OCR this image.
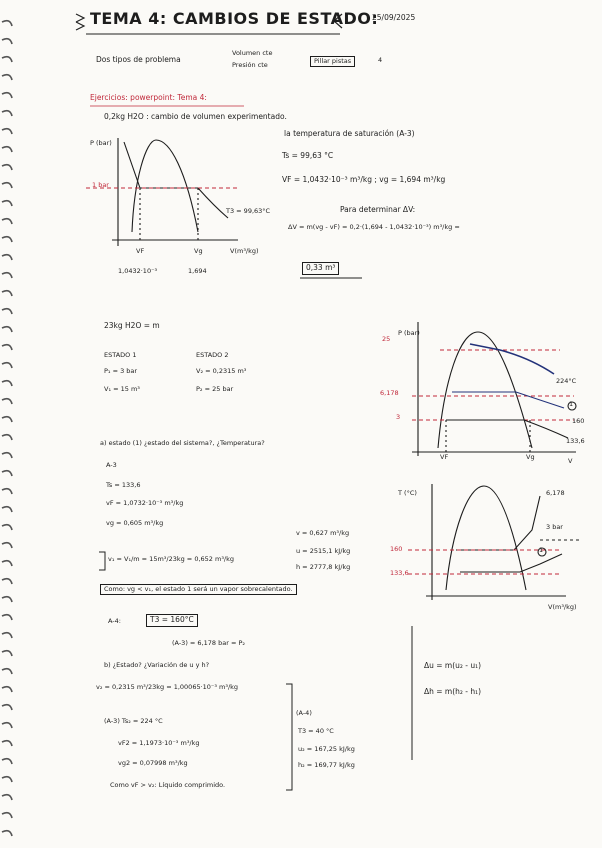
TEMA 4: CAMBIOS DE ESTADO:
25/09/2025
Dos tipos de problema
Volumen cte
Presión cte	Pillar pistas	4
Ejercicios: powerpoint: Tema 4:
0,2kg H2O : cambio de volumen experimentado.
la temperatura de saturación (A-3)
Ts = 99,63 °C
VF = 1,0432·10⁻³ m³/kg ; vg = 1,694 m³/kg
Para determinar ΔV:
ΔV = m(vg - vF) = 0,2·(1,694 - 1,0432·10⁻³) m³/kg =
0,33 m³
P (bar)
1 bar
T3 = 99,63°C
V(m³/kg)
VF
1,0432·10⁻³
Vg
1,694
23kg H2O = m
ESTADO 1
P₁ = 3 bar
V₁ = 15 m³
ESTADO 2
V₂ = 0,2315 m³
P₂ = 25 bar
a) estado (1) ¿estado del sistema?, ¿Temperatura?
A-3
Ts = 133,6
vF = 1,0732·10⁻³ m³/kg
vg = 0,605 m³/kg
v₁ = V₁/m = 15m³/23kg = 0,652 m³/kg
v = 0,627 m³/kg
u = 2515,1 kJ/kg
h = 2777,8 kJ/kg
Como: vg < v₁, el estado 1 será un vapor sobrecalentado.
A-4:	T3 = 160°C
(A-3) = 6,178 bar = P₂
b) ¿Estado? ¿Variación de u y h?
v₂ = 0,2315 m³/23kg = 1,00065·10⁻³ m³/kg
(A-3) Ts₂ = 224 °C
vF2 = 1,1973·10⁻³ m³/kg
vg2 = 0,07998 m³/kg
Como vF > v₂: Líquido comprimido.
(A-4)
T3 = 40 °C
u₂ = 167,25 kJ/kg
h₂ = 169,77 kJ/kg
Δu = m(u₂ - u₁)
Δh = m(h₂ - h₁)
P (bar)
25
6,178
3
224°C
160
133,6
VF	Vg	V
1
T (°C)	6,178
3 bar
160
133,6
V(m³/kg)
1
